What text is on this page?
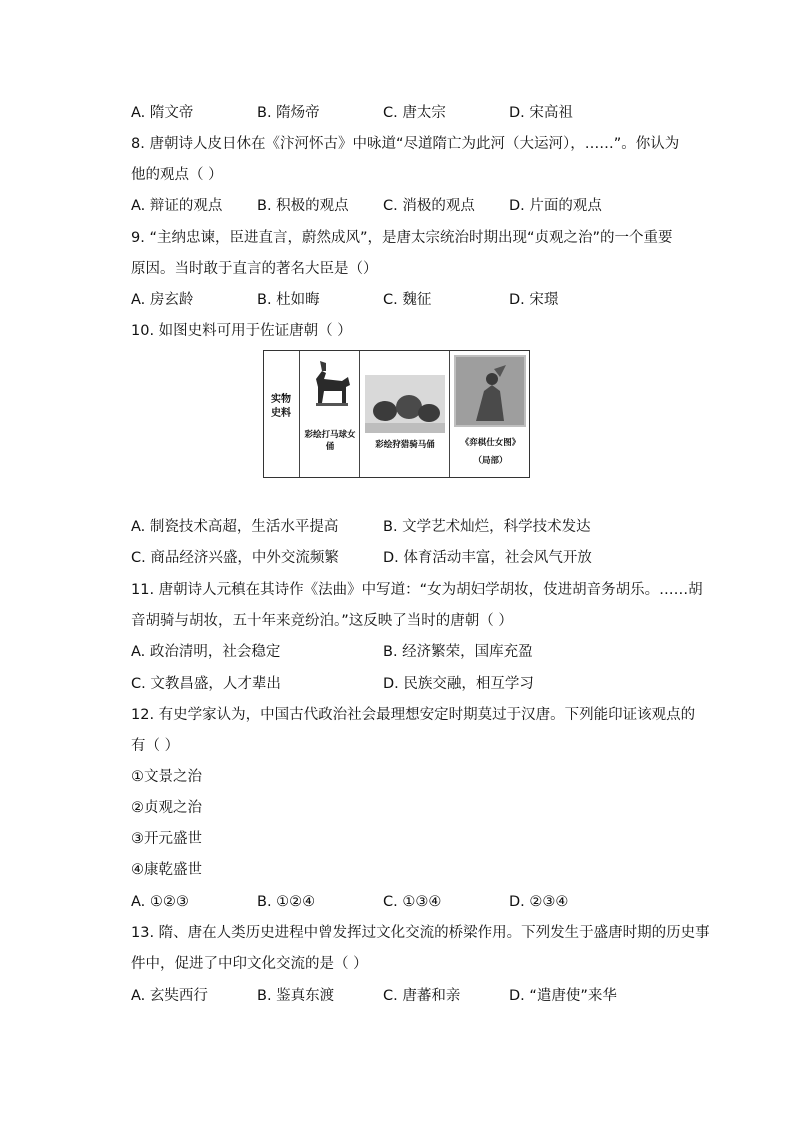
A. 隋文帝	B. 隋炀帝	C. 唐太宗	D. 宋高祖
8. 唐朝诗人皮日休在《汴河怀古》中咏道“尽道隋亡为此河（大运河），……”。你认为
他的观点（ ）
A. 辩证的观点 B. 积极的观点 C. 消极的观点 D. 片面的观点
9. “主纳忠谏，臣进直言，蔚然成风”，是唐太宗统治时期出现“贞观之治”的一个重要
原因。当时敢于直言的著名大臣是（）
A. 房玄龄	B. 杜如晦	C. 魏征	D. 宋璟
10. 如图史料可用于佐证唐朝（ ）
实物史料
彩绘打马球女俑	彩绘狩猎骑马俑	《弈棋仕女图》
（局部）
A. 制瓷技术高超，生活水平提高	B. 文学艺术灿烂，科学技术发达
C. 商品经济兴盛，中外交流频繁	D. 体育活动丰富，社会风气开放
11. 唐朝诗人元稹在其诗作《法曲》中写道：“女为胡妇学胡妆，伎进胡音务胡乐。……胡
音胡骑与胡妆，五十年来竞纷泊。”这反映了当时的唐朝（ ）
A. 政治清明，社会稳定	B. 经济繁荣，国库充盈
C. 文教昌盛，人才辈出	D. 民族交融，相互学习
12. 有史学家认为，中国古代政治社会最理想安定时期莫过于汉唐。下列能印证该观点的
有（ ）
①文景之治
②贞观之治
③开元盛世
④康乾盛世
A. ①②③	B. ①②④	C. ①③④	D. ②③④
13. 隋、唐在人类历史进程中曾发挥过文化交流的桥梁作用。下列发生于盛唐时期的历史事
件中，促进了中印文化交流的是（ ）
A. 玄奘西行	B. 鉴真东渡	C. 唐蕃和亲	D. “遣唐使”来华
